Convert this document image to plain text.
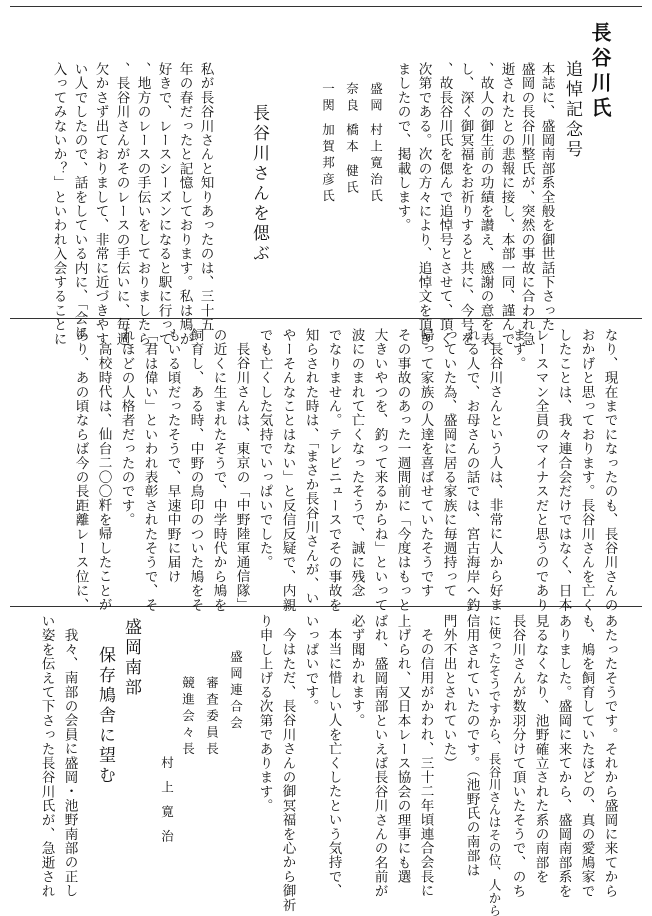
長谷川氏
追悼記念号
本誌に、盛岡南部系全般を御世話下さった
盛岡の長谷川整氏が、突然の事故に合われ急
逝されたとの悲報に接し、本部一同、謹んで
、故人の御生前の功績を讃え、感謝の意を表
し、深く御冥福をお祈りすると共に、今号を
、故長谷川氏を偲んで追悼号とさせて、頂く
次第である。次の方々により、追悼文を頂き
ましたので、掲載します。
盛岡 村上寛治氏
奈良 橋本 健氏
一関 加賀邦彦氏
長谷川さんを偲ぶ
私が長谷川さんと知りあったのは、三十五
年の春だったと記憶しております。私は鳩が
好きで、レースシーズンになると駅に行って
、地方のレースの手伝いをしておりましたら
、長谷川さんがそのレースの手伝いに、毎週
欠かさず出ておりまして、非常に近づきやす
い人でしたので、話をしている内に、「会に
入ってみないか？」といわれ入会することに
なり、現在までになったのも、長谷川さんの
おかげと思っております。長谷川さんを亡く
したことは、我々連合会だけではなく、日本
レースマン全員のマイナスだと思うのであり
ます。
長谷川さんという人は、非常に人から好ま
れる人で、お母さんの話では、宮古海岸へ釣
っていた為、盛岡に居る家族に毎週持って
帰って家族の人達を喜ばせていたそうです
その事故のあった一週間前に「今度はもっと
大きいやつを、釣って来るからね」といって
波にのまれて亡くなったそうで、誠に残念
でなりません。テレビニュースでその事故を
知らされた時は、「まさか長谷川さんが、い
やーそんなことはない」と反信反疑で、内親
でも亡くした気持でいっぱいでした。
長谷川さんは、東京の「中野陸軍通信隊」
の近くに生まれたそうで、中学時代から鳩を
飼育し、ある時、中野の鳥印のついた鳩をそ
もいる頃だったそうで、早速中野に届け
「君は偉い」といわれ表彰されたそうで、そ
れほどの人格者だったのです。
高校時代は、仙台二〇〇粁を帰したことが
あり、あの頃ならば今の長距離レース位に、
あたったそうです。それから盛岡に来てから
も、鳩を飼育していたほどの、真の愛鳩家で
ありました。盛岡に来てから、盛岡南部系を
見るなくなり、池野確立された系の南部を
長谷川さんが数羽分けて頂いたそうで、のち
に使ったそうですから、長谷川さんはその位、人から
信用されていたのです。（池野氏の南部は
門外不出とされていた）
その信用がかわれ、三十二年頃連合会長に
上げられ、又日本レース協会の理事にも選
ばれ、盛岡南部といえば長谷川さんの名前が
必ず聞かれます。
本当に惜しい人を亡くしたという気持で、
いっぱいです。
今はただ、長谷川さんの御冥福を心から御祈
り申し上げる次第であります。
盛岡連合会
審査委員長
競進会々長
村上寛治
盛岡南部
保存鳩舎に望む
我々、南部の会員に盛岡・池野南部の正し
い姿を伝えて下さった長谷川氏が、急逝され
